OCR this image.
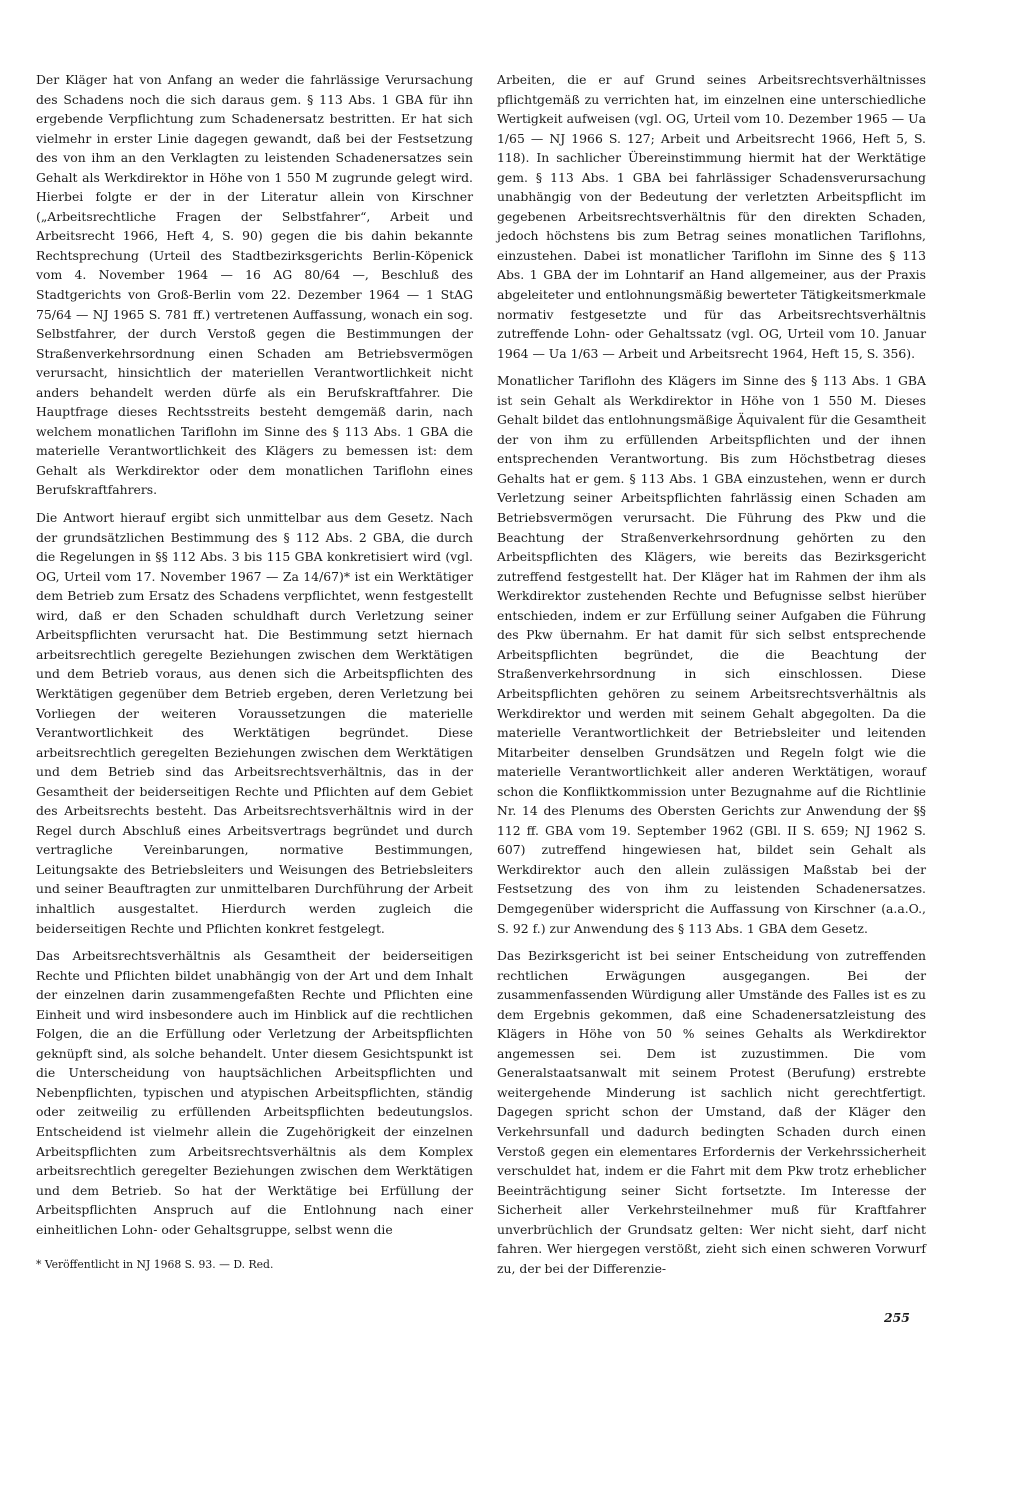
Der Kläger hat von Anfang an weder die fahrlässige Verursachung des Schadens noch die sich daraus gem. § 113 Abs. 1 GBA für ihn ergebende Verpflichtung zum Schadenersatz bestritten. Er hat sich vielmehr in erster Linie dagegen gewandt, daß bei der Festsetzung des von ihm an den Verklagten zu leistenden Schadenersatzes sein Gehalt als Werkdirektor in Höhe von 1 550 M zugrunde gelegt wird. Hierbei folgte er der in der Literatur allein von Kirschner („Arbeitsrechtliche Fragen der Selbstfahrer“, Arbeit und Arbeitsrecht 1966, Heft 4, S. 90) gegen die bis dahin bekannte Rechtsprechung (Urteil des Stadtbezirksgerichts Berlin-Köpenick vom 4. November 1964 — 16 AG 80/64 —, Beschluß des Stadtgerichts von Groß-Berlin vom 22. Dezember 1964 — 1 StAG 75/64 — NJ 1965 S. 781 ff.) vertretenen Auffassung, wonach ein sog. Selbstfahrer, der durch Verstoß gegen die Bestimmungen der Straßenverkehrsordnung einen Schaden am Betriebsvermögen verursacht, hinsichtlich der materiellen Verantwortlichkeit nicht anders behandelt werden dürfe als ein Berufskraftfahrer. Die Hauptfrage dieses Rechtsstreits besteht demgemäß darin, nach welchem monatlichen Tariflohn im Sinne des § 113 Abs. 1 GBA die materielle Verantwortlichkeit des Klägers zu bemessen ist: dem Gehalt als Werkdirektor oder dem monatlichen Tariflohn eines Berufskraftfahrers.

Die Antwort hierauf ergibt sich unmittelbar aus dem Gesetz. Nach der grundsätzlichen Bestimmung des § 112 Abs. 2 GBA, die durch die Regelungen in §§ 112 Abs. 3 bis 115 GBA konkretisiert wird (vgl. OG, Urteil vom 17. November 1967 — Za 14/67)* ist ein Werktätiger dem Betrieb zum Ersatz des Schadens verpflichtet, wenn festgestellt wird, daß er den Schaden schuldhaft durch Verletzung seiner Arbeitspflichten verursacht hat. Die Bestimmung setzt hiernach arbeitsrechtlich geregelte Beziehungen zwischen dem Werktätigen und dem Betrieb voraus, aus denen sich die Arbeitspflichten des Werktätigen gegenüber dem Betrieb ergeben, deren Verletzung bei Vorliegen der weiteren Voraussetzungen die materielle Verantwortlichkeit des Werktätigen begründet. Diese arbeitsrechtlich geregelten Beziehungen zwischen dem Werktätigen und dem Betrieb sind das Arbeitsrechtsverhältnis, das in der Gesamtheit der beiderseitigen Rechte und Pflichten auf dem Gebiet des Arbeitsrechts besteht. Das Arbeitsrechtsverhältnis wird in der Regel durch Abschluß eines Arbeitsvertrags begründet und durch vertragliche Vereinbarungen, normative Bestimmungen, Leitungsakte des Betriebsleiters und Weisungen des Betriebsleiters und seiner Beauftragten zur unmittelbaren Durchführung der Arbeit inhaltlich ausgestaltet. Hierdurch werden zugleich die beiderseitigen Rechte und Pflichten konkret festgelegt.

Das Arbeitsrechtsverhältnis als Gesamtheit der beiderseitigen Rechte und Pflichten bildet unabhängig von der Art und dem Inhalt der einzelnen darin zusammengefaßten Rechte und Pflichten eine Einheit und wird insbesondere auch im Hinblick auf die rechtlichen Folgen, die an die Erfüllung oder Verletzung der Arbeitspflichten geknüpft sind, als solche behandelt. Unter diesem Gesichtspunkt ist die Unterscheidung von hauptsächlichen Arbeitspflichten und Nebenpflichten, typischen und atypischen Arbeitspflichten, ständig oder zeitweilig zu erfüllenden Arbeitspflichten bedeutungslos. Entscheidend ist vielmehr allein die Zugehörigkeit der einzelnen Arbeitspflichten zum Arbeitsrechtsverhältnis als dem Komplex arbeitsrechtlich geregelter Beziehungen zwischen dem Werktätigen und dem Betrieb. So hat der Werktätige bei Erfüllung der Arbeitspflichten Anspruch auf die Entlohnung nach einer einheitlichen Lohn- oder Gehaltsgruppe, selbst wenn die

* Veröffentlicht in NJ 1968 S. 93. — D. Red.

Arbeiten, die er auf Grund seines Arbeitsrechtsverhältnisses pflichtgemäß zu verrichten hat, im einzelnen eine unterschiedliche Wertigkeit aufweisen (vgl. OG, Urteil vom 10. Dezember 1965 — Ua 1/65 — NJ 1966 S. 127; Arbeit und Arbeitsrecht 1966, Heft 5, S. 118). In sachlicher Übereinstimmung hiermit hat der Werktätige gem. § 113 Abs. 1 GBA bei fahrlässiger Schadensverursachung unabhängig von der Bedeutung der verletzten Arbeitspflicht im gegebenen Arbeitsrechtsverhältnis für den direkten Schaden, jedoch höchstens bis zum Betrag seines monatlichen Tariflohns, einzustehen. Dabei ist monatlicher Tariflohn im Sinne des § 113 Abs. 1 GBA der im Lohntarif an Hand allgemeiner, aus der Praxis abgeleiteter und entlohnungsmäßig bewerteter Tätigkeitsmerkmale normativ festgesetzte und für das Arbeitsrechtsverhältnis zutreffende Lohn- oder Gehaltssatz (vgl. OG, Urteil vom 10. Januar 1964 — Ua 1/63 — Arbeit und Arbeitsrecht 1964, Heft 15, S. 356).

Monatlicher Tariflohn des Klägers im Sinne des § 113 Abs. 1 GBA ist sein Gehalt als Werkdirektor in Höhe von 1 550 M. Dieses Gehalt bildet das entlohnungsmäßige Äquivalent für die Gesamtheit der von ihm zu erfüllenden Arbeitspflichten und der ihnen entsprechenden Verantwortung. Bis zum Höchstbetrag dieses Gehalts hat er gem. § 113 Abs. 1 GBA einzustehen, wenn er durch Verletzung seiner Arbeitspflichten fahrlässig einen Schaden am Betriebsvermögen verursacht. Die Führung des Pkw und die Beachtung der Straßenverkehrsordnung gehörten zu den Arbeitspflichten des Klägers, wie bereits das Bezirksgericht zutreffend festgestellt hat. Der Kläger hat im Rahmen der ihm als Werkdirektor zustehenden Rechte und Befugnisse selbst hierüber entschieden, indem er zur Erfüllung seiner Aufgaben die Führung des Pkw übernahm. Er hat damit für sich selbst entsprechende Arbeitspflichten begründet, die die Beachtung der Straßenverkehrsordnung in sich einschlossen. Diese Arbeitspflichten gehören zu seinem Arbeitsrechtsverhältnis als Werkdirektor und werden mit seinem Gehalt abgegolten. Da die materielle Verantwortlichkeit der Betriebsleiter und leitenden Mitarbeiter denselben Grundsätzen und Regeln folgt wie die materielle Verantwortlichkeit aller anderen Werktätigen, worauf schon die Konfliktkommission unter Bezugnahme auf die Richtlinie Nr. 14 des Plenums des Obersten Gerichts zur Anwendung der §§ 112 ff. GBA vom 19. September 1962 (GBl. II S. 659; NJ 1962 S. 607) zutreffend hingewiesen hat, bildet sein Gehalt als Werkdirektor auch den allein zulässigen Maßstab bei der Festsetzung des von ihm zu leistenden Schadenersatzes. Demgegenüber widerspricht die Auffassung von Kirschner (a.a.O., S. 92 f.) zur Anwendung des § 113 Abs. 1 GBA dem Gesetz.

Das Bezirksgericht ist bei seiner Entscheidung von zutreffenden rechtlichen Erwägungen ausgegangen. Bei der zusammenfassenden Würdigung aller Umstände des Falles ist es zu dem Ergebnis gekommen, daß eine Schadenersatzleistung des Klägers in Höhe von 50 % seines Gehalts als Werkdirektor angemessen sei. Dem ist zuzustimmen. Die vom Generalstaatsanwalt mit seinem Protest (Berufung) erstrebte weitergehende Minderung ist sachlich nicht gerechtfertigt. Dagegen spricht schon der Umstand, daß der Kläger den Verkehrsunfall und dadurch bedingten Schaden durch einen Verstoß gegen ein elementares Erfordernis der Verkehrssicherheit verschuldet hat, indem er die Fahrt mit dem Pkw trotz erheblicher Beeinträchtigung seiner Sicht fortsetzte. Im Interesse der Sicherheit aller Verkehrsteilnehmer muß für Kraftfahrer unverbrüchlich der Grundsatz gelten: Wer nicht sieht, darf nicht fahren. Wer hiergegen verstößt, zieht sich einen schweren Vorwurf zu, der bei der Differenzie-

255
